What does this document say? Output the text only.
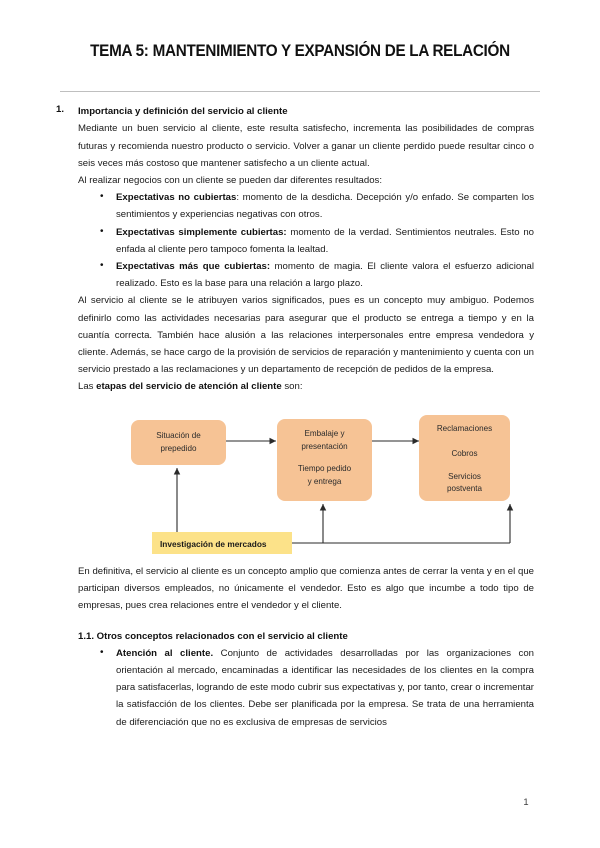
TEMA 5: MANTENIMIENTO Y EXPANSIÓN DE LA RELACIÓN
1. Importancia y definición del servicio al cliente

Mediante un buen servicio al cliente, este resulta satisfecho, incrementa las posibilidades de compras futuras y recomienda nuestro producto o servicio. Volver a ganar un cliente perdido puede resultar cinco o seis veces más costoso que mantener satisfecho a un cliente actual.

Al realizar negocios con un cliente se pueden dar diferentes resultados:

• Expectativas no cubiertas: momento de la desdicha. Decepción y/o enfado. Se comparten los sentimientos y experiencias negativas con otros.
• Expectativas simplemente cubiertas: momento de la verdad. Sentimientos neutrales. Esto no enfada al cliente pero tampoco fomenta la lealtad.
• Expectativas más que cubiertas: momento de magia. El cliente valora el esfuerzo adicional realizado. Esto es la base para una relación a largo plazo.

Al servicio al cliente se le atribuyen varios significados, pues es un concepto muy ambiguo. Podemos definirlo como las actividades necesarias para asegurar que el producto se entrega a tiempo y en la cuantía correcta. También hace alusión a las relaciones interpersonales entre empresa vendedora y cliente. Además, se hace cargo de la provisión de servicios de reparación y mantenimiento y cuenta con un servicio prestado a las reclamaciones y un departamento de recepción de pedidos de la empresa.

Las etapas del servicio de atención al cliente son:

Situación de
prepedido
Embalaje y
presentación
Tiempo pedido
y entrega
Reclamaciones
Cobros
Servicios
postventa
Investigación de mercados

En definitiva, el servicio al cliente es un concepto amplio que comienza antes de cerrar la venta y en el que participan diversos empleados, no únicamente el vendedor. Esto es algo que incumbe a todo tipo de empresas, pues crea relaciones entre el vendedor y el cliente.

1.1. Otros conceptos relacionados con el servicio al cliente
• Atención al cliente. Conjunto de actividades desarrolladas por las organizaciones con orientación al mercado, encaminadas a identificar las necesidades de los clientes en la compra para satisfacerlas, logrando de este modo cubrir sus expectativas y, por tanto, crear o incrementar la satisfacción de los clientes. Debe ser planificada por la empresa. Se trata de una herramienta de diferenciación que no es exclusiva de empresas de servicios
1
